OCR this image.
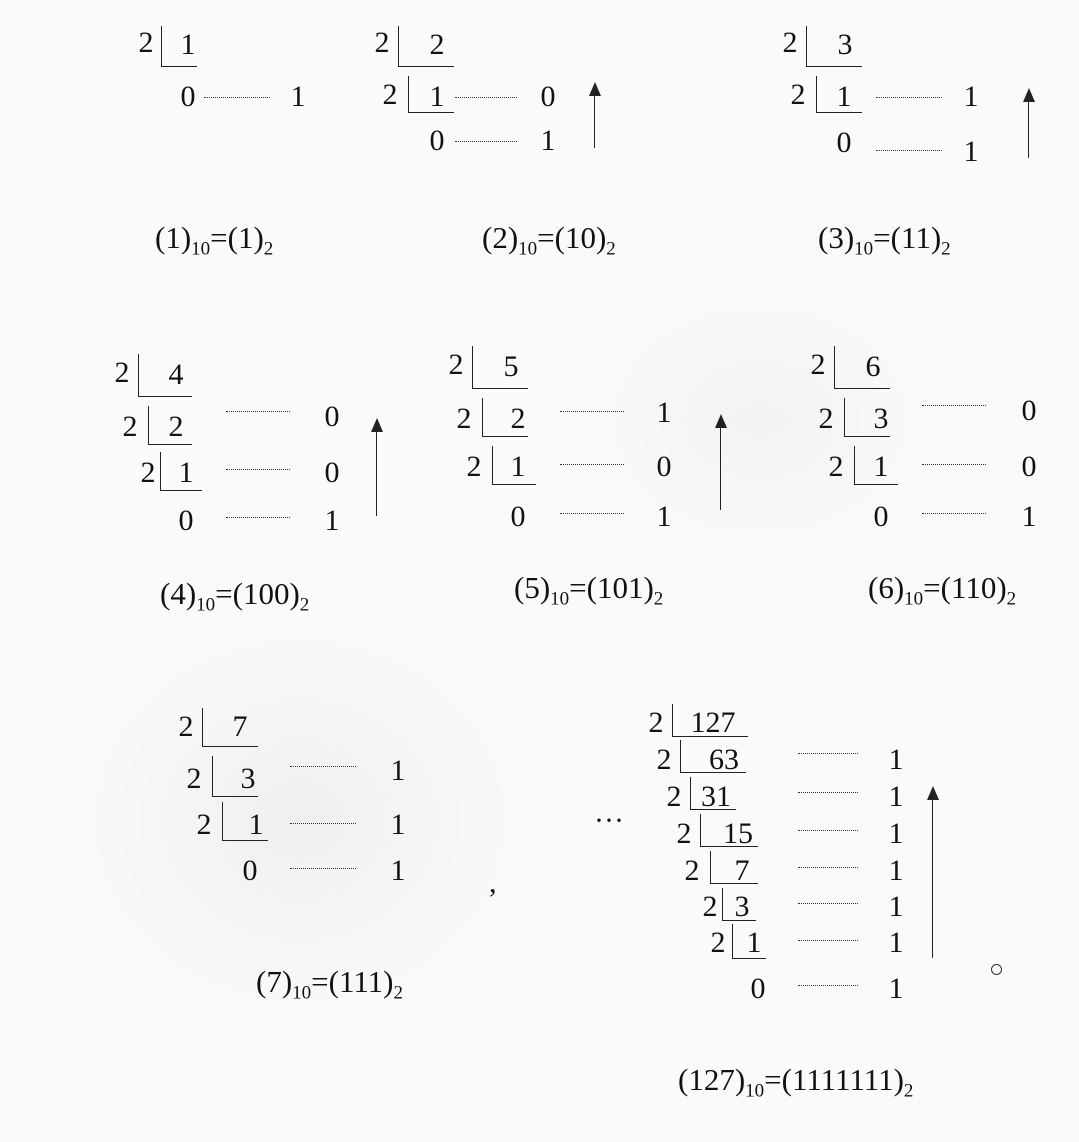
2 1
0	1
$(1)_{10}=(1)_2$
2 2
2 1	0
0	1
$(2)_{10}=(10)_2$
2 3
2 1	1
0	1
$(3)_{10}=(11)_2$
2 4
2 2	0
2 1	0
0	1
$(4)_{10}=(100)_2$
2 5
2 2	1
2 1	0
0	1
$(5)_{10}=(101)_2$
2 6
2 3	0
2 1	0
0	1
$(6)_{10}=(110)_2$
2 7
2 3	1
2 1	1
0	1
$(7)_{10}=(111)_2$
,
···
2 127
2 63	1
2 31	1
2 15	1
2 7	1
2 3	1
2 1	1
0	1
$(127)_{10}=(1111111)_2$
